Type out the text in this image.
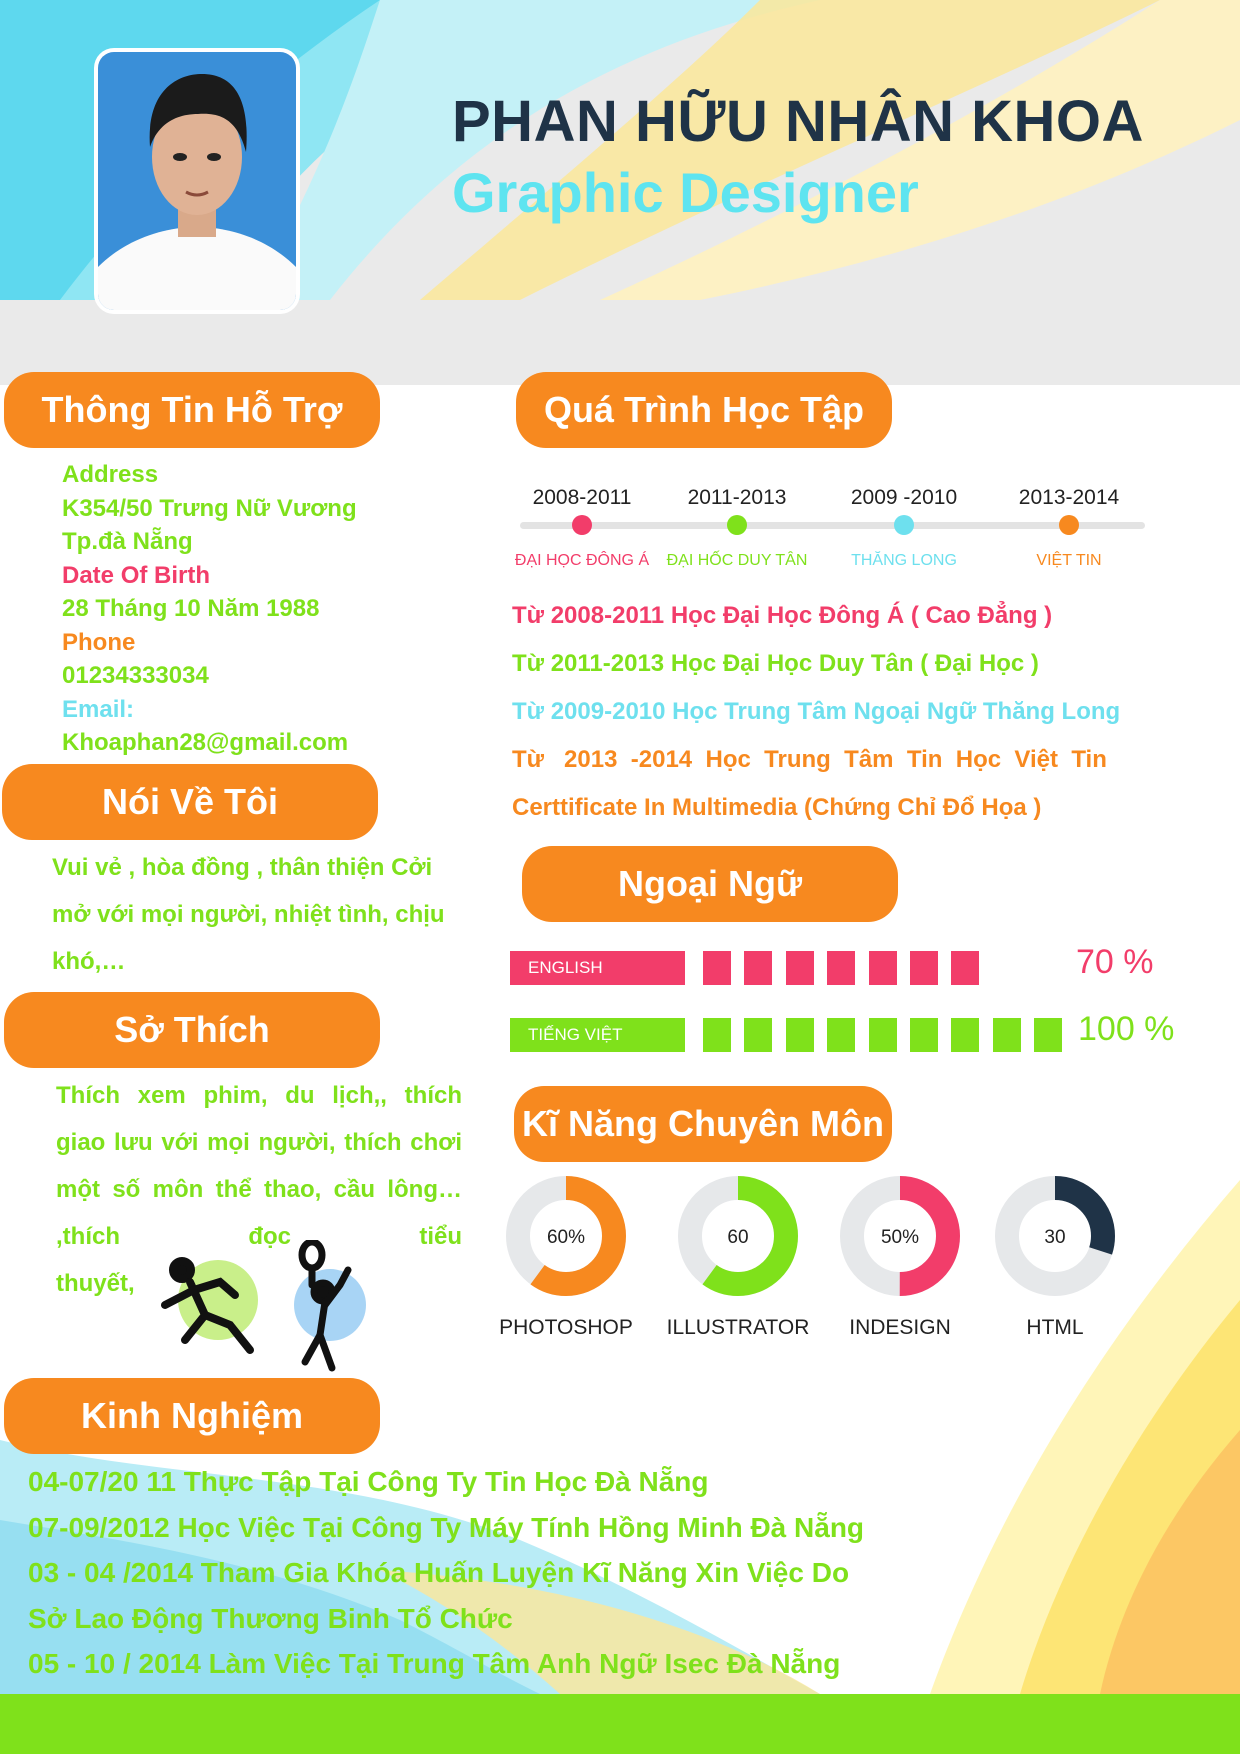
PHAN HỮU NHÂN KHOA
Graphic Designer
Thông Tin Hỗ Trợ	Quá Trình Học Tập
Nói Về Tôi
Ngoại Ngữ
Sở Thích
Kĩ Năng Chuyên Môn
Kinh Nghiệm
Address
K354/50 Trưng Nữ Vương
Tp.đà Nẵng
Date Of Birth
28 Tháng 10 Năm 1988
Phone
01234333034
Email:
Khoaphan28@gmail.com
Vui vẻ , hòa đồng , thân thiện Cởi
mở với mọi người, nhiệt tình, chịu
khó,…
Thích xem phim, du lịch,, thích
giao lưu với mọi người, thích chơi
một số môn thể thao, cầu lông…
,thích đọc tiểu thuyết,
2008-2011
ĐẠI HỌC ĐÔNG Á
2011-2013
ĐẠI HỐC DUY TÂN
2009 -2010
THĂNG LONG
2013-2014
VIỆT TIN
Từ 2008-2011 Học Đại Học Đông Á ( Cao Đẳng )
Từ 2011-2013 Học Đại Học Duy Tân ( Đại Học )
Từ 2009-2010 Học Trung Tâm Ngoại Ngữ Thăng Long
Từ   2013  -2014  Học  Trung  Tâm  Tin  Học  Việt  Tin
Certtificate In Multimedia (Chứng Chỉ Đổ Họa )
ENGLISH	70 %
TIẾNG VIỆT	100 %
60%
PHOTOSHOP
60
ILLUSTRATOR
50%
INDESIGN
30
HTML
04-07/20 11 Thực Tập Tại Công Ty Tin Học Đà Nẵng
07-09/2012 Học Việc Tại Công Ty Máy Tính Hồng Minh Đà Nẵng
03 - 04 /2014 Tham Gia Khóa Huấn Luyện Kĩ Năng Xin Việc Do
Sở Lao Động Thương Binh Tổ Chức
05 - 10 / 2014 Làm Việc Tại Trung Tâm Anh Ngữ Isec Đà Nẵng
